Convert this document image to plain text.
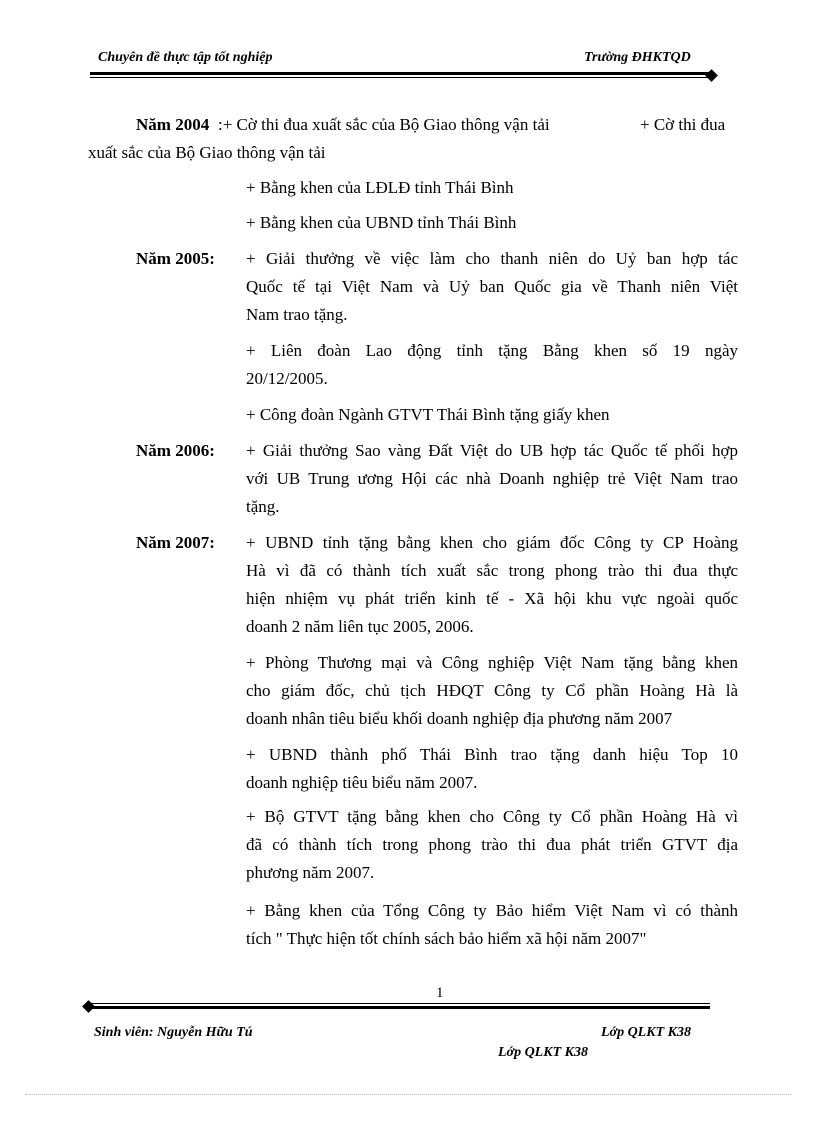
Chuyên đề thực tập tốt nghiệp	Trường ĐHKTQD
Năm 2004 :+ Cờ thi đua xuất sắc của Bộ Giao thông vận tải	+ Cờ thi đua
xuất sắc của Bộ Giao thông vận tải
+ Bằng khen của LĐLĐ tỉnh Thái Bình
+ Bằng khen của UBND tỉnh Thái Bình
Năm 2005: + Giải thưởng về việc làm cho thanh niên do Uỷ ban hợp tác
Quốc tế tại Việt Nam và Uỷ ban Quốc gia về Thanh niên Việt
Nam trao tặng.
+ Liên đoàn Lao động tỉnh tặng Bằng khen số 19 ngày
20/12/2005.
+ Công đoàn Ngành GTVT Thái Bình tặng giấy khen
Năm 2006: + Giải thưởng Sao vàng Đất Việt do UB hợp tác Quốc tế phối hợp
với UB Trung ương Hội các nhà Doanh nghiệp trẻ Việt Nam trao
tặng.
Năm 2007: + UBND tỉnh tặng bằng khen cho giám đốc Công ty CP Hoàng
Hà vì đã có thành tích xuất sắc trong phong trào thi đua thực
hiện nhiệm vụ phát triển kinh tế - Xã hội khu vực ngoài quốc
doanh 2 năm liên tục 2005, 2006.
+ Phòng Thương mại và Công nghiệp Việt Nam tặng bằng khen
cho giám đốc, chủ tịch HĐQT Công ty Cổ phần Hoàng Hà là
doanh nhân tiêu biểu khối doanh nghiệp địa phương năm 2007
+ UBND thành phố Thái Bình trao tặng danh hiệu Top 10
doanh nghiệp tiêu biểu năm 2007.
+ Bộ GTVT tặng bằng khen cho Công ty Cổ phần Hoàng Hà vì
đã có thành tích trong phong trào thi đua phát triển GTVT địa
phương năm 2007.
+ Bằng khen của Tổng Công ty Bảo hiểm Việt Nam vì có thành
tích " Thực hiện tốt chính sách bảo hiểm xã hội năm 2007"
1
Sinh viên: Nguyễn Hữu Tú	Lớp QLKT K38
Lớp QLKT K38
